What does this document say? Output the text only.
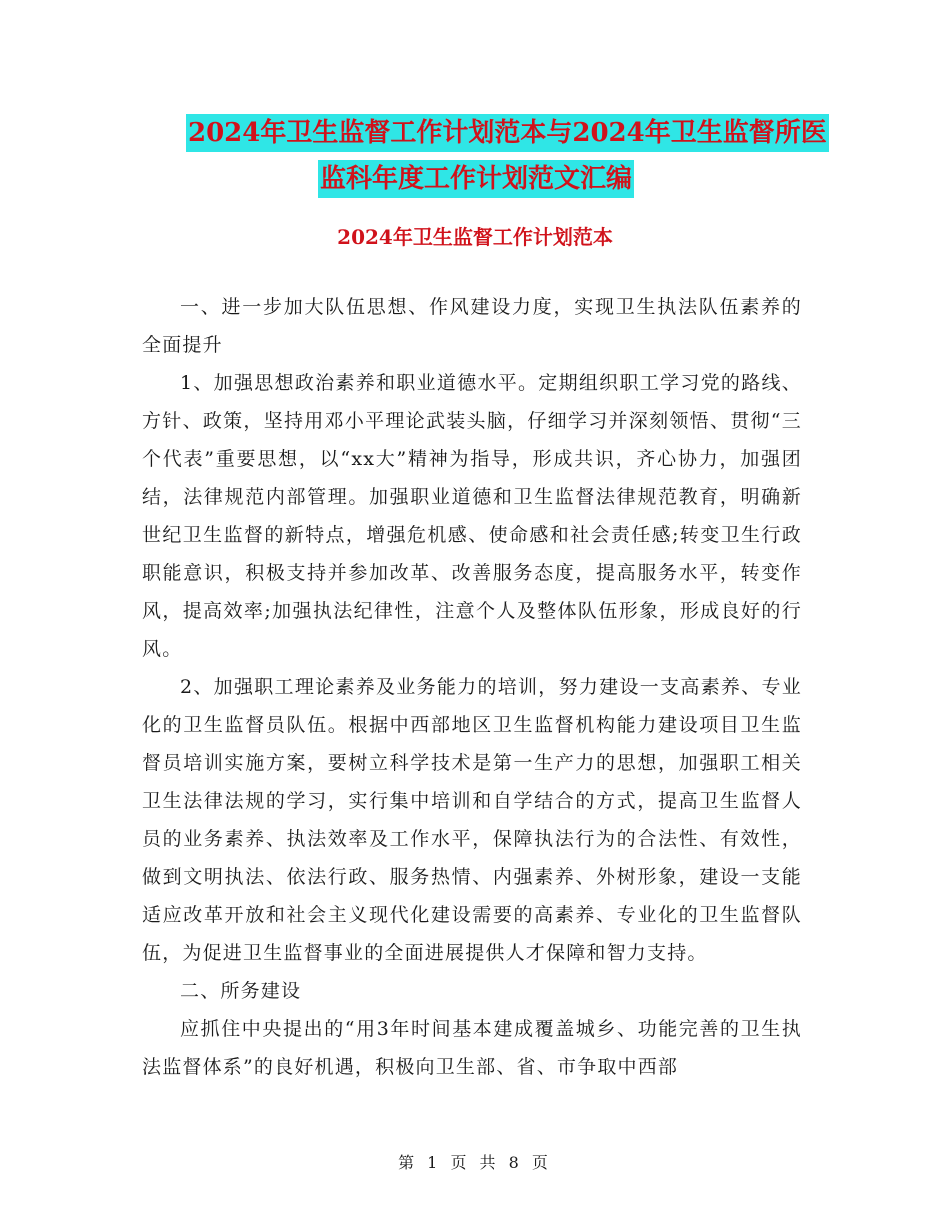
2024年卫生监督工作计划范本与2024年卫生监督所医
监科年度工作计划范文汇编
2024年卫生监督工作计划范本

一、进一步加大队伍思想、作风建设力度，实现卫生执法队伍素养的全面提升

1、加强思想政治素养和职业道德水平。定期组织职工学习党的路线、方针、政策，坚持用邓小平理论武装头脑，仔细学习并深刻领悟、贯彻“三个代表”重要思想，以“xx大”精神为指导，形成共识，齐心协力，加强团结，法律规范内部管理。加强职业道德和卫生监督法律规范教育，明确新世纪卫生监督的新特点，增强危机感、使命感和社会责任感;转变卫生行政职能意识，积极支持并参加改革、改善服务态度，提高服务水平，转变作风，提高效率;加强执法纪律性，注意个人及整体队伍形象，形成良好的行风。

2、加强职工理论素养及业务能力的培训，努力建设一支高素养、专业化的卫生监督员队伍。根据中西部地区卫生监督机构能力建设项目卫生监督员培训实施方案，要树立科学技术是第一生产力的思想，加强职工相关卫生法律法规的学习，实行集中培训和自学结合的方式，提高卫生监督人员的业务素养、执法效率及工作水平，保障执法行为的合法性、有效性，做到文明执法、依法行政、服务热情、内强素养、外树形象，建设一支能适应改革开放和社会主义现代化建设需要的高素养、专业化的卫生监督队伍，为促进卫生监督事业的全面进展提供人才保障和智力支持。

二、所务建设

应抓住中央提出的“用3年时间基本建成覆盖城乡、功能完善的卫生执法监督体系”的良好机遇，积极向卫生部、省、市争取中西部

第 1 页 共 8 页
